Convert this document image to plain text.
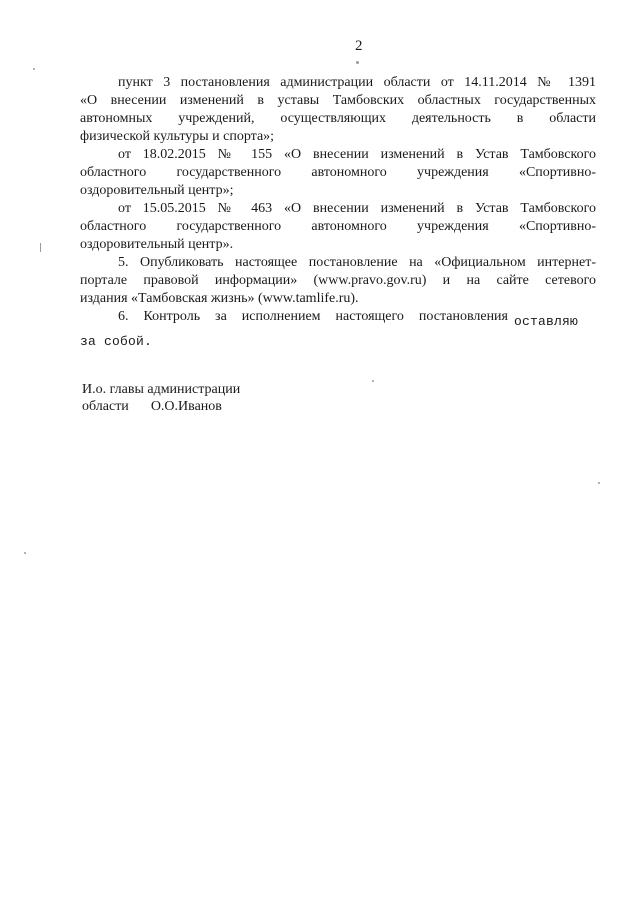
2
пункт 3 постановления администрации области от 14.11.2014 № 1391
«О внесении изменений в уставы Тамбовских областных государственных
автономных учреждений, осуществляющих деятельность в области
физической культуры и спорта»;
от 18.02.2015 № 155 «О внесении изменений в Устав Тамбовского
областного государственного автономного учреждения «Спортивно-
оздоровительный центр»;
от 15.05.2015 № 463 «О внесении изменений в Устав Тамбовского
областного государственного автономного учреждения «Спортивно-
оздоровительный центр».
5. Опубликовать настоящее постановление на «Официальном интернет-
портале правовой информации» (www.pravo.gov.ru) и на сайте сетевого
издания «Тамбовская жизнь» (www.tamlife.ru).
6. Контроль за исполнением настоящего постановления оставляю
за собой.
И.о. главы администрации
области О.О.Иванов
